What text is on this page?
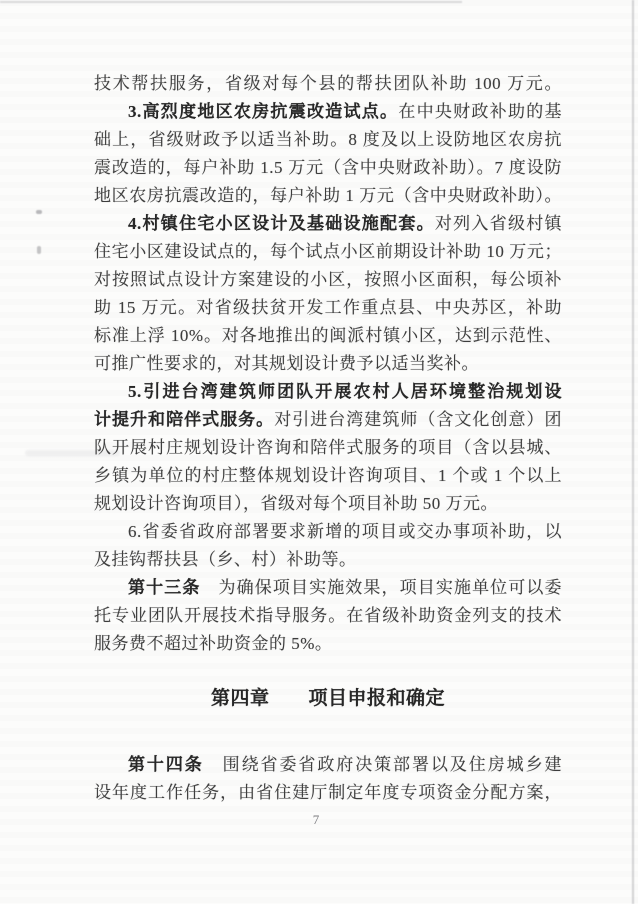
技术帮扶服务，省级对每个县的帮扶团队补助 100 万元。
3.高烈度地区农房抗震改造试点。在中央财政补助的基
础上，省级财政予以适当补助。8 度及以上设防地区农房抗
震改造的，每户补助 1.5 万元（含中央财政补助）。7 度设防
地区农房抗震改造的，每户补助 1 万元（含中央财政补助）。
4.村镇住宅小区设计及基础设施配套。对列入省级村镇
住宅小区建设试点的，每个试点小区前期设计补助 10 万元；
对按照试点设计方案建设的小区，按照小区面积，每公顷补
助 15 万元。对省级扶贫开发工作重点县、中央苏区，补助
标准上浮 10%。对各地推出的闽派村镇小区，达到示范性、
可推广性要求的，对其规划设计费予以适当奖补。
5.引进台湾建筑师团队开展农村人居环境整治规划设
计提升和陪伴式服务。对引进台湾建筑师（含文化创意）团
队开展村庄规划设计咨询和陪伴式服务的项目（含以县城、
乡镇为单位的村庄整体规划设计咨询项目、1 个或 1 个以上
规划设计咨询项目），省级对每个项目补助 50 万元。
6.省委省政府部署要求新增的项目或交办事项补助，以
及挂钩帮扶县（乡、村）补助等。
第十三条　为确保项目实施效果，项目实施单位可以委
托专业团队开展技术指导服务。在省级补助资金列支的技术
服务费不超过补助资金的 5%。
第四章　　项目申报和确定
第十四条　围绕省委省政府决策部署以及住房城乡建
设年度工作任务，由省住建厅制定年度专项资金分配方案，
7
